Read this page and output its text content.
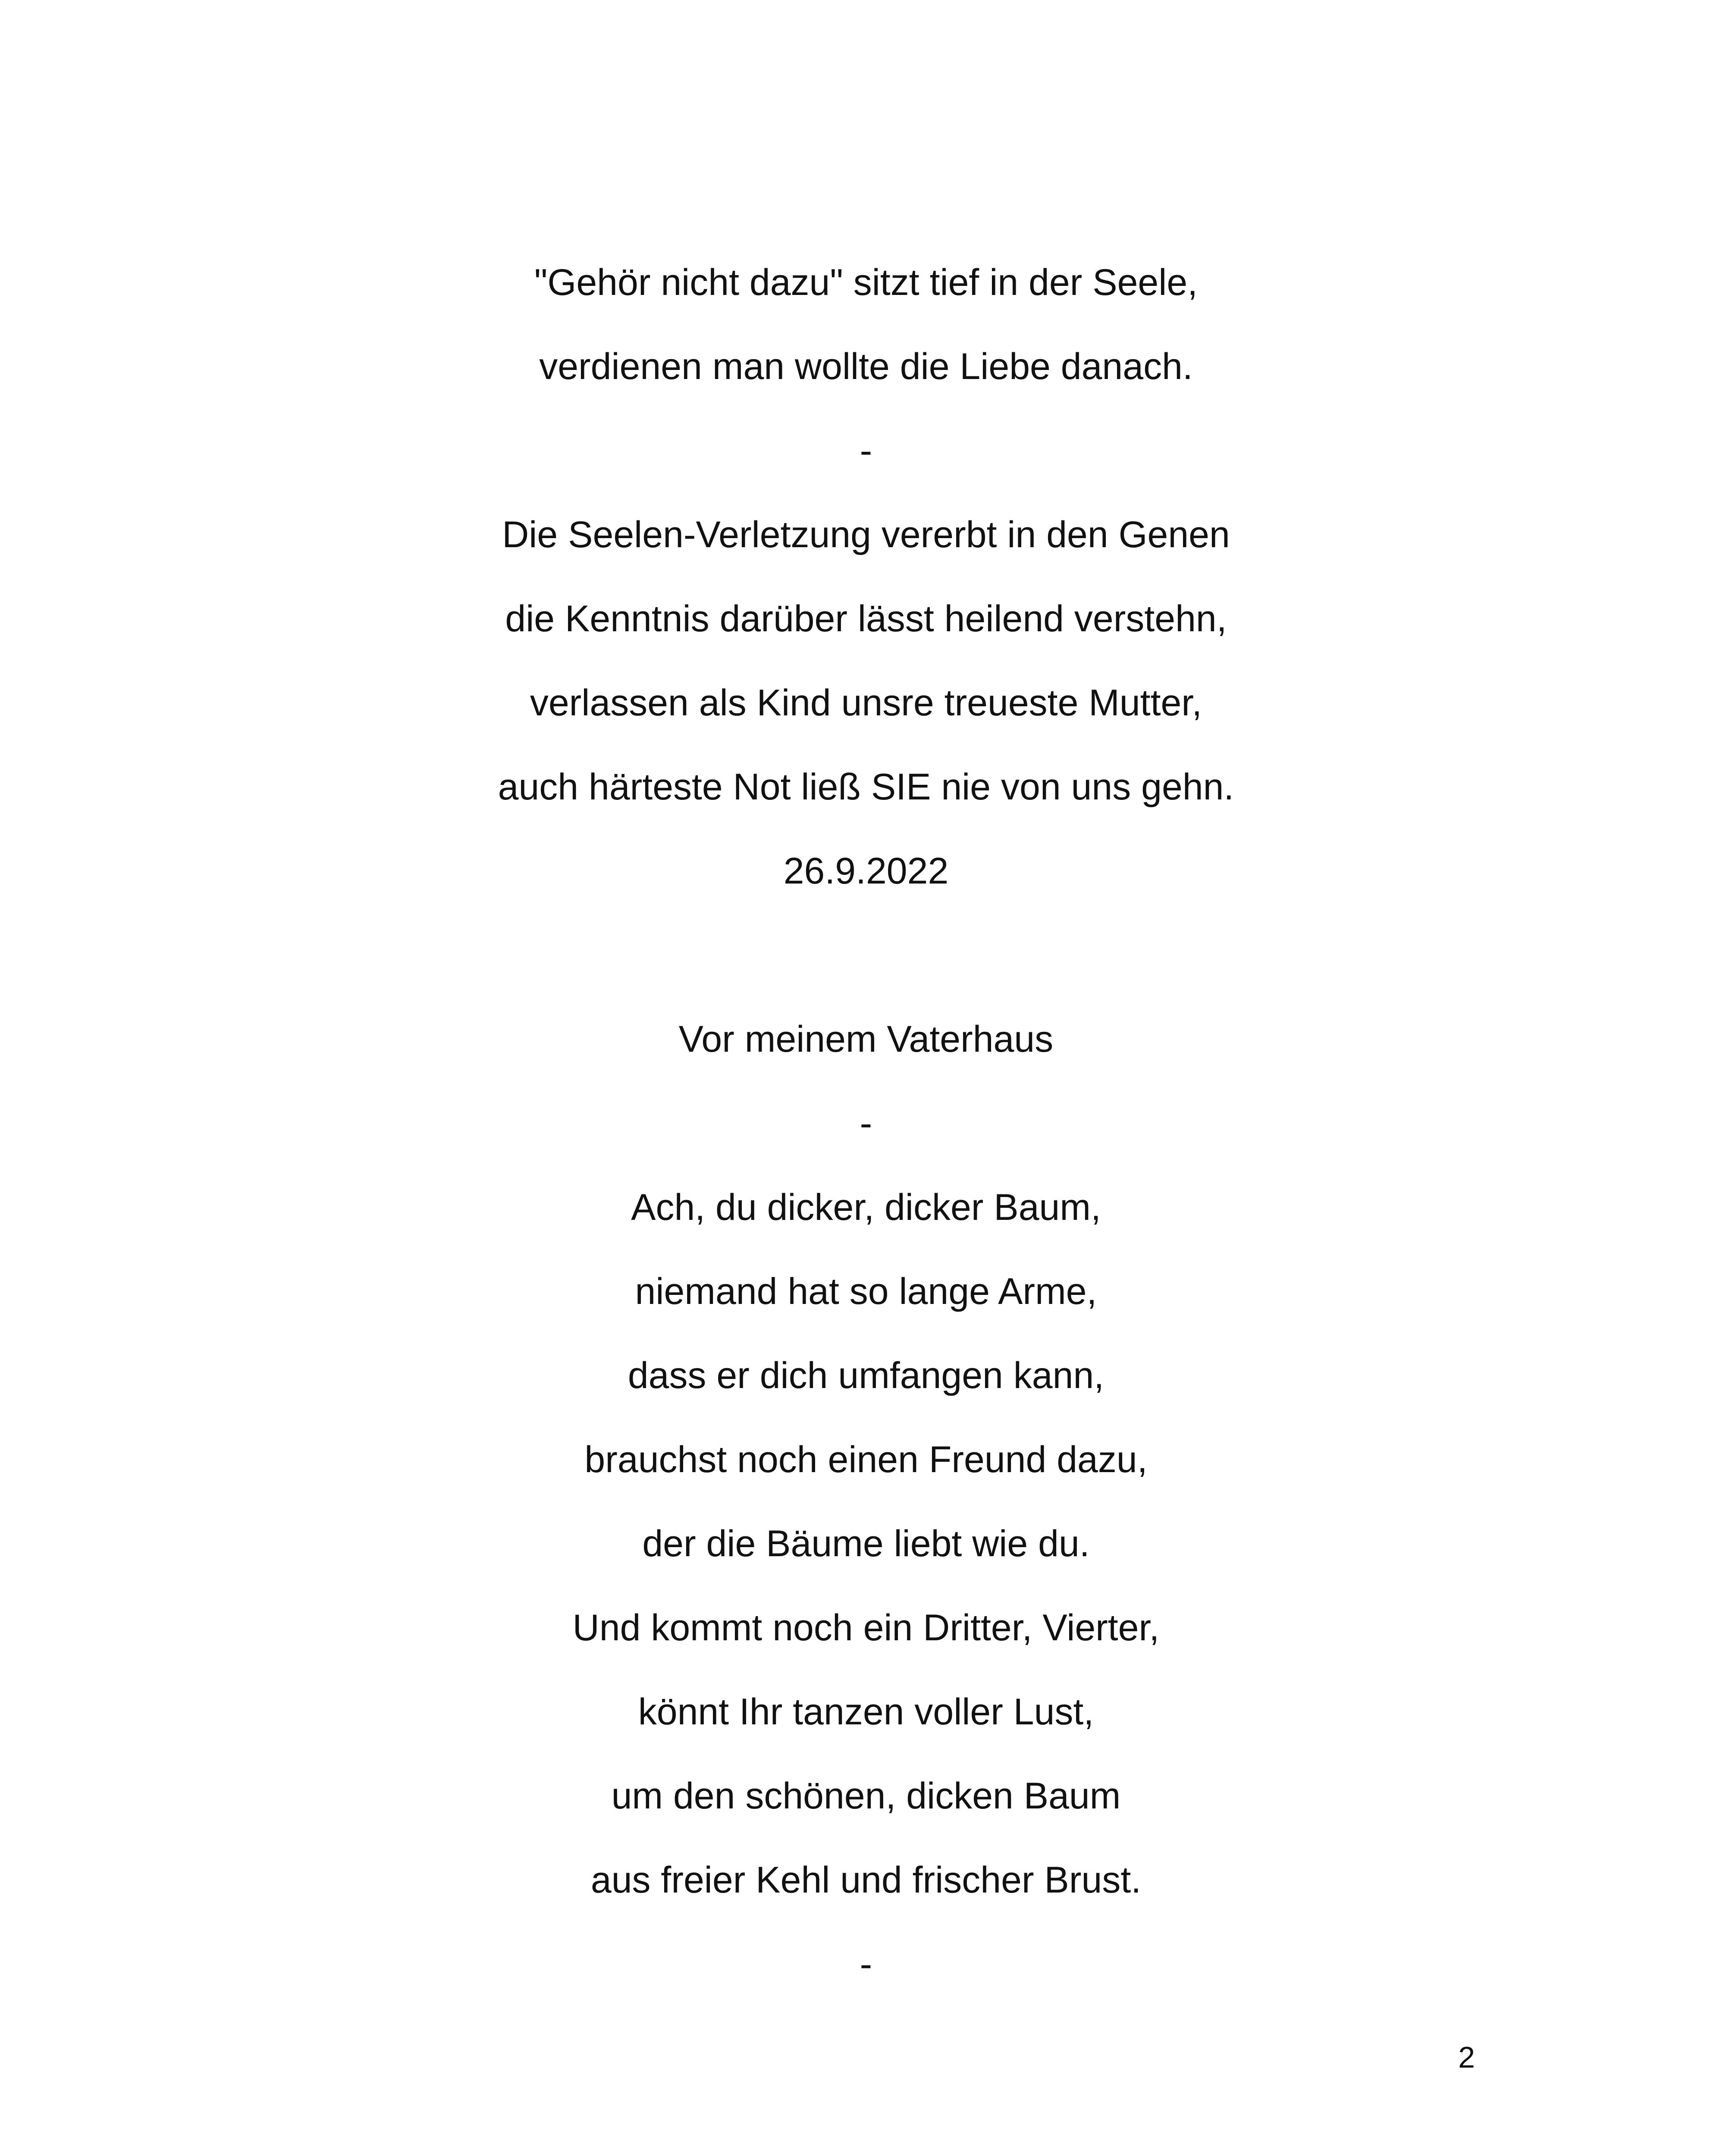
"Gehör nicht dazu" sitzt tief in der Seele,
verdienen man wollte die Liebe danach.
-
Die Seelen-Verletzung vererbt in den Genen
die Kenntnis darüber lässt heilend verstehn,
verlassen als Kind unsre treueste Mutter,
auch härteste Not ließ SIE nie von uns gehn.
26.9.2022
Vor meinem Vaterhaus
-
Ach, du dicker, dicker Baum,
niemand hat so lange Arme,
dass er dich umfangen kann,
brauchst noch einen Freund dazu,
der die Bäume liebt wie du.
Und kommt noch ein Dritter, Vierter,
könnt Ihr tanzen voller Lust,
um den schönen, dicken Baum
aus freier Kehl und frischer Brust.
-
2
